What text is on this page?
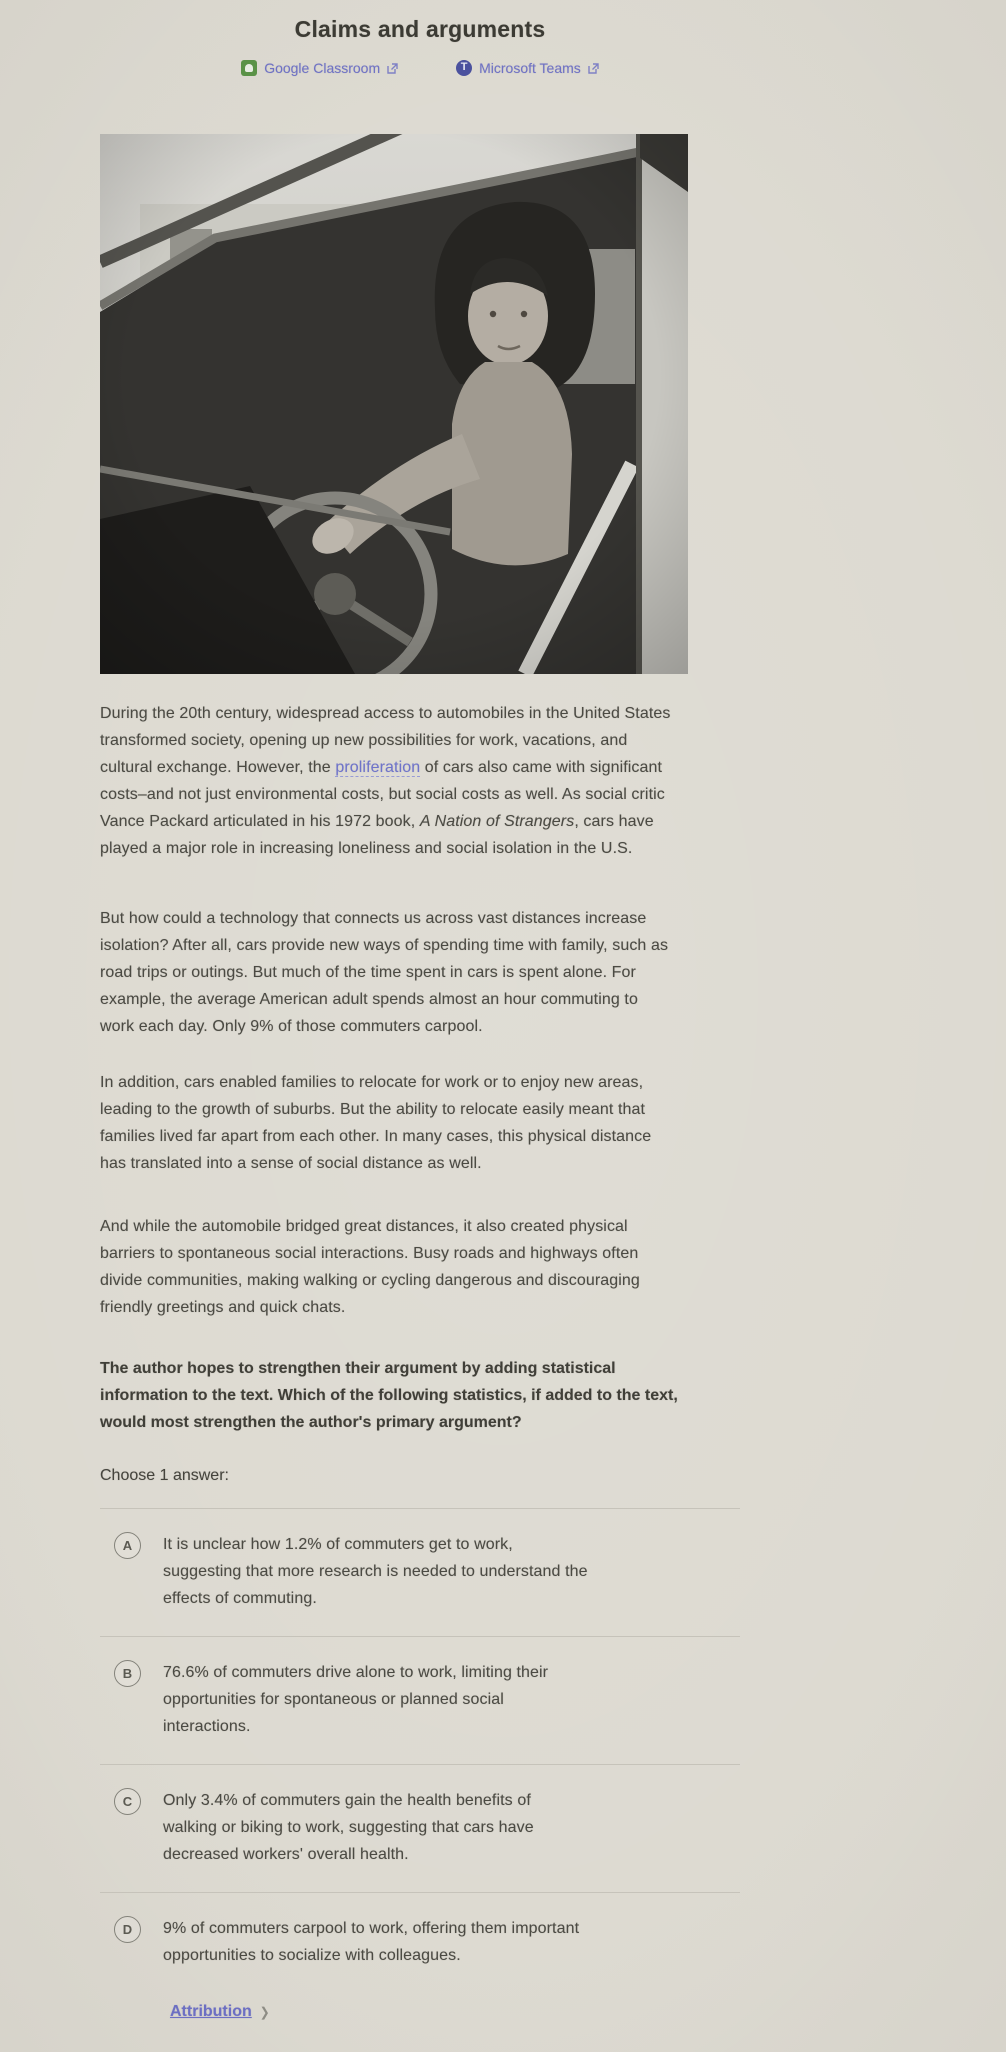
Claims and arguments
Google Classroom T	Microsoft Teams

During the 20th century, widespread access to automobiles in the United States transformed society, opening up new possibilities for work, vacations, and cultural exchange. However, the proliferation of cars also came with significant costs–and not just environmental costs, but social costs as well. As social critic Vance Packard articulated in his 1972 book, A Nation of Strangers, cars have played a major role in increasing loneliness and social isolation in the U.S.

But how could a technology that connects us across vast distances increase isolation? After all, cars provide new ways of spending time with family, such as road trips or outings. But much of the time spent in cars is spent alone. For example, the average American adult spends almost an hour commuting to work each day. Only 9% of those commuters carpool.

In addition, cars enabled families to relocate for work or to enjoy new areas, leading to the growth of suburbs. But the ability to relocate easily meant that families lived far apart from each other. In many cases, this physical distance has translated into a sense of social distance as well.

And while the automobile bridged great distances, it also created physical barriers to spontaneous social interactions. Busy roads and highways often divide communities, making walking or cycling dangerous and discouraging friendly greetings and quick chats.

The author hopes to strengthen their argument by adding statistical information to the text. Which of the following statistics, if added to the text, would most strengthen the author's primary argument?

Choose 1 answer:

A	It is unclear how 1.2% of commuters get to work, suggesting that more research is needed to understand the effects of commuting.
B	76.6% of commuters drive alone to work, limiting their opportunities for spontaneous or planned social interactions.
C	Only 3.4% of commuters gain the health benefits of walking or biking to work, suggesting that cars have decreased workers' overall health.
D	9% of commuters carpool to work, offering them important opportunities to socialize with colleagues.
Attribution ❯
